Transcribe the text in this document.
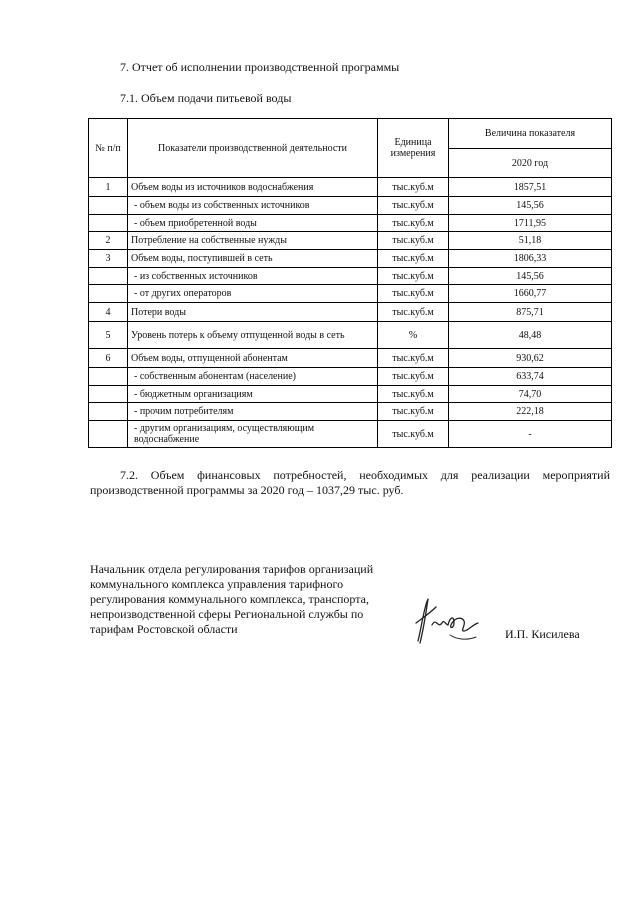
7. Отчет об исполнении производственной программы
7.1. Объем подачи питьевой воды
№ п/п	Показатели производственной деятельности	Единица измерения	Величина показателя
			2020 год
1	Объем воды из источников водоснабжения	тыс.куб.м	1857,51
	- объем воды из собственных источников	тыс.куб.м	145,56
	- объем приобретенной воды	тыс.куб.м	1711,95
2	Потребление на собственные нужды	тыс.куб.м	51,18
3	Объем воды, поступившей в сеть	тыс.куб.м	1806,33
	- из собственных источников	тыс.куб.м	145,56
	- от других операторов	тыс.куб.м	1660,77
4	Потери воды	тыс.куб.м	875,71
5	Уровень потерь к объему отпущенной воды в сеть	%	48,48
6	Объем воды, отпущенной абонентам	тыс.куб.м	930,62
	- собственным абонентам (население)	тыс.куб.м	633,74
	- бюджетным организациям	тыс.куб.м	74,70
	- прочим потребителям	тыс.куб.м	222,18
	- другим организациям, осуществляющим водоснабжение	тыс.куб.м	-
7.2. Объем финансовых потребностей, необходимых для реализации мероприятий производственной программы за 2020 год – 1037,29 тыс. руб.
Начальник отдела регулирования тарифов организаций коммунального комплекса управления тарифного регулирования коммунального комплекса, транспорта, непроизводственной сферы Региональной службы по тарифам Ростовской области	И.П. Кисилева
